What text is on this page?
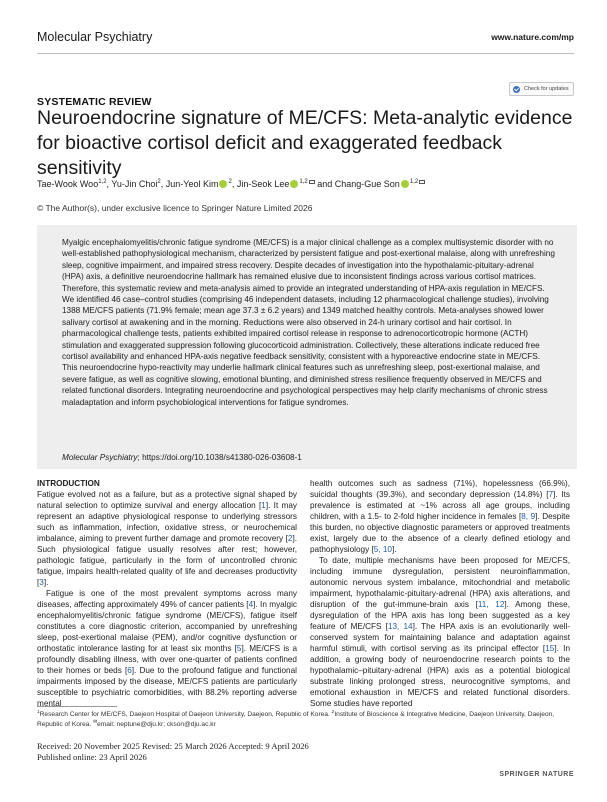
Molecular Psychiatry	www.nature.com/mp
SYSTEMATIC REVIEW
Check for updates
Neuroendocrine signature of ME/CFS: Meta-analytic evidence for bioactive cortisol deficit and exaggerated feedback sensitivity
Tae-Wook Woo$^{1,2}$, Yu-Jin Choi$^2$, Jun-Yeol Kim $^2$, Jin-Seok Lee $^{1,2}$ and Chang-Gue Son $^{1,2}$
© The Author(s), under exclusive licence to Springer Nature Limited 2026

Myalgic encephalomyelitis/chronic fatigue syndrome (ME/CFS) is a major clinical challenge as a complex multisystemic disorder with no well-established pathophysiological mechanism, characterized by persistent fatigue and post-exertional malaise, along with unrefreshing sleep, cognitive impairment, and impaired stress recovery. Despite decades of investigation into the hypothalamic-pituitary-adrenal (HPA) axis, a definitive neuroendocrine hallmark has remained elusive due to inconsistent findings across various cortisol matrices. Therefore, this systematic review and meta-analysis aimed to provide an integrated understanding of HPA-axis regulation in ME/CFS. We identified 46 case–control studies (comprising 46 independent datasets, including 12 pharmacological challenge studies), involving 1388 ME/CFS patients (71.9% female; mean age 37.3 ± 6.2 years) and 1349 matched healthy controls. Meta-analyses showed lower salivary cortisol at awakening and in the morning. Reductions were also observed in 24-h urinary cortisol and hair cortisol. In pharmacological challenge tests, patients exhibited impaired cortisol release in response to adrenocorticotropic hormone (ACTH) stimulation and exaggerated suppression following glucocorticoid administration. Collectively, these alterations indicate reduced free cortisol availability and enhanced HPA-axis negative feedback sensitivity, consistent with a hyporeactive endocrine state in ME/CFS. This neuroendocrine hypo-reactivity may underlie hallmark clinical features such as unrefreshing sleep, post-exertional malaise, and severe fatigue, as well as cognitive slowing, emotional blunting, and diminished stress resilience frequently observed in ME/CFS and related functional disorders. Integrating neuroendocrine and psychological perspectives may help clarify mechanisms of chronic stress maladaptation and inform psychobiological interventions for fatigue syndromes.

Molecular Psychiatry; https://doi.org/10.1038/s41380-026-03608-1

INTRODUCTION

Fatigue evolved not as a failure, but as a protective signal shaped by natural selection to optimize survival and energy allocation [1]. It may represent an adaptive physiological response to underlying stressors such as inflammation, infection, oxidative stress, or neurochemical imbalance, aiming to prevent further damage and promote recovery [2]. Such physiological fatigue usually resolves after rest; however, pathologic fatigue, particularly in the form of uncontrolled chronic fatigue, impairs health-related quality of life and decreases productivity [3].

Fatigue is one of the most prevalent symptoms across many diseases, affecting approximately 49% of cancer patients [4]. In myalgic encephalomyelitis/chronic fatigue syndrome (ME/CFS), fatigue itself constitutes a core diagnostic criterion, accompanied by unrefreshing sleep, post-exertional malaise (PEM), and/or cognitive dysfunction or orthostatic intolerance lasting for at least six months [5]. ME/CFS is a profoundly disabling illness, with over one-quarter of patients confined to their homes or beds [6]. Due to the profound fatigue and functional impairments imposed by the disease, ME/CFS patients are particularly susceptible to psychiatric comorbidities, with 88.2% reporting adverse mental

health outcomes such as sadness (71%), hopelessness (66.9%), suicidal thoughts (39.3%), and secondary depression (14.8%) [7]. Its prevalence is estimated at ~1% across all age groups, including children, with a 1.5- to 2-fold higher incidence in females [8, 9]. Despite this burden, no objective diagnostic parameters or approved treatments exist, largely due to the absence of a clearly defined etiology and pathophysiology [5, 10].

To date, multiple mechanisms have been proposed for ME/CFS, including immune dysregulation, persistent neuroinflammation, autonomic nervous system imbalance, mitochondrial and metabolic impairment, hypothalamic-pituitary-adrenal (HPA) axis alterations, and disruption of the gut-immune-brain axis [11, 12]. Among these, dysregulation of the HPA axis has long been suggested as a key feature of ME/CFS [13, 14]. The HPA axis is an evolutionarily well-conserved system for maintaining balance and adaptation against harmful stimuli, with cortisol serving as its principal effector [15]. In addition, a growing body of neuroendocrine research points to the hypothalamic–pituitary-adrenal (HPA) axis as a potential biological substrate linking prolonged stress, neurocognitive symptoms, and emotional exhaustion in ME/CFS and related functional disorders. Some studies have reported

$^1$Research Center for ME/CFS, Daejeon Hospital of Daejeon University, Daejeon, Republic of Korea. $^2$Institute of Bioscience & Integrative Medicine, Daejeon University, Daejeon, Republic of Korea. ✉email: neptune@dju.kr; ckson@dju.ac.kr
Received: 20 November 2025 Revised: 25 March 2026 Accepted: 9 April 2026
Published online: 23 April 2026
SPRINGER NATURE
